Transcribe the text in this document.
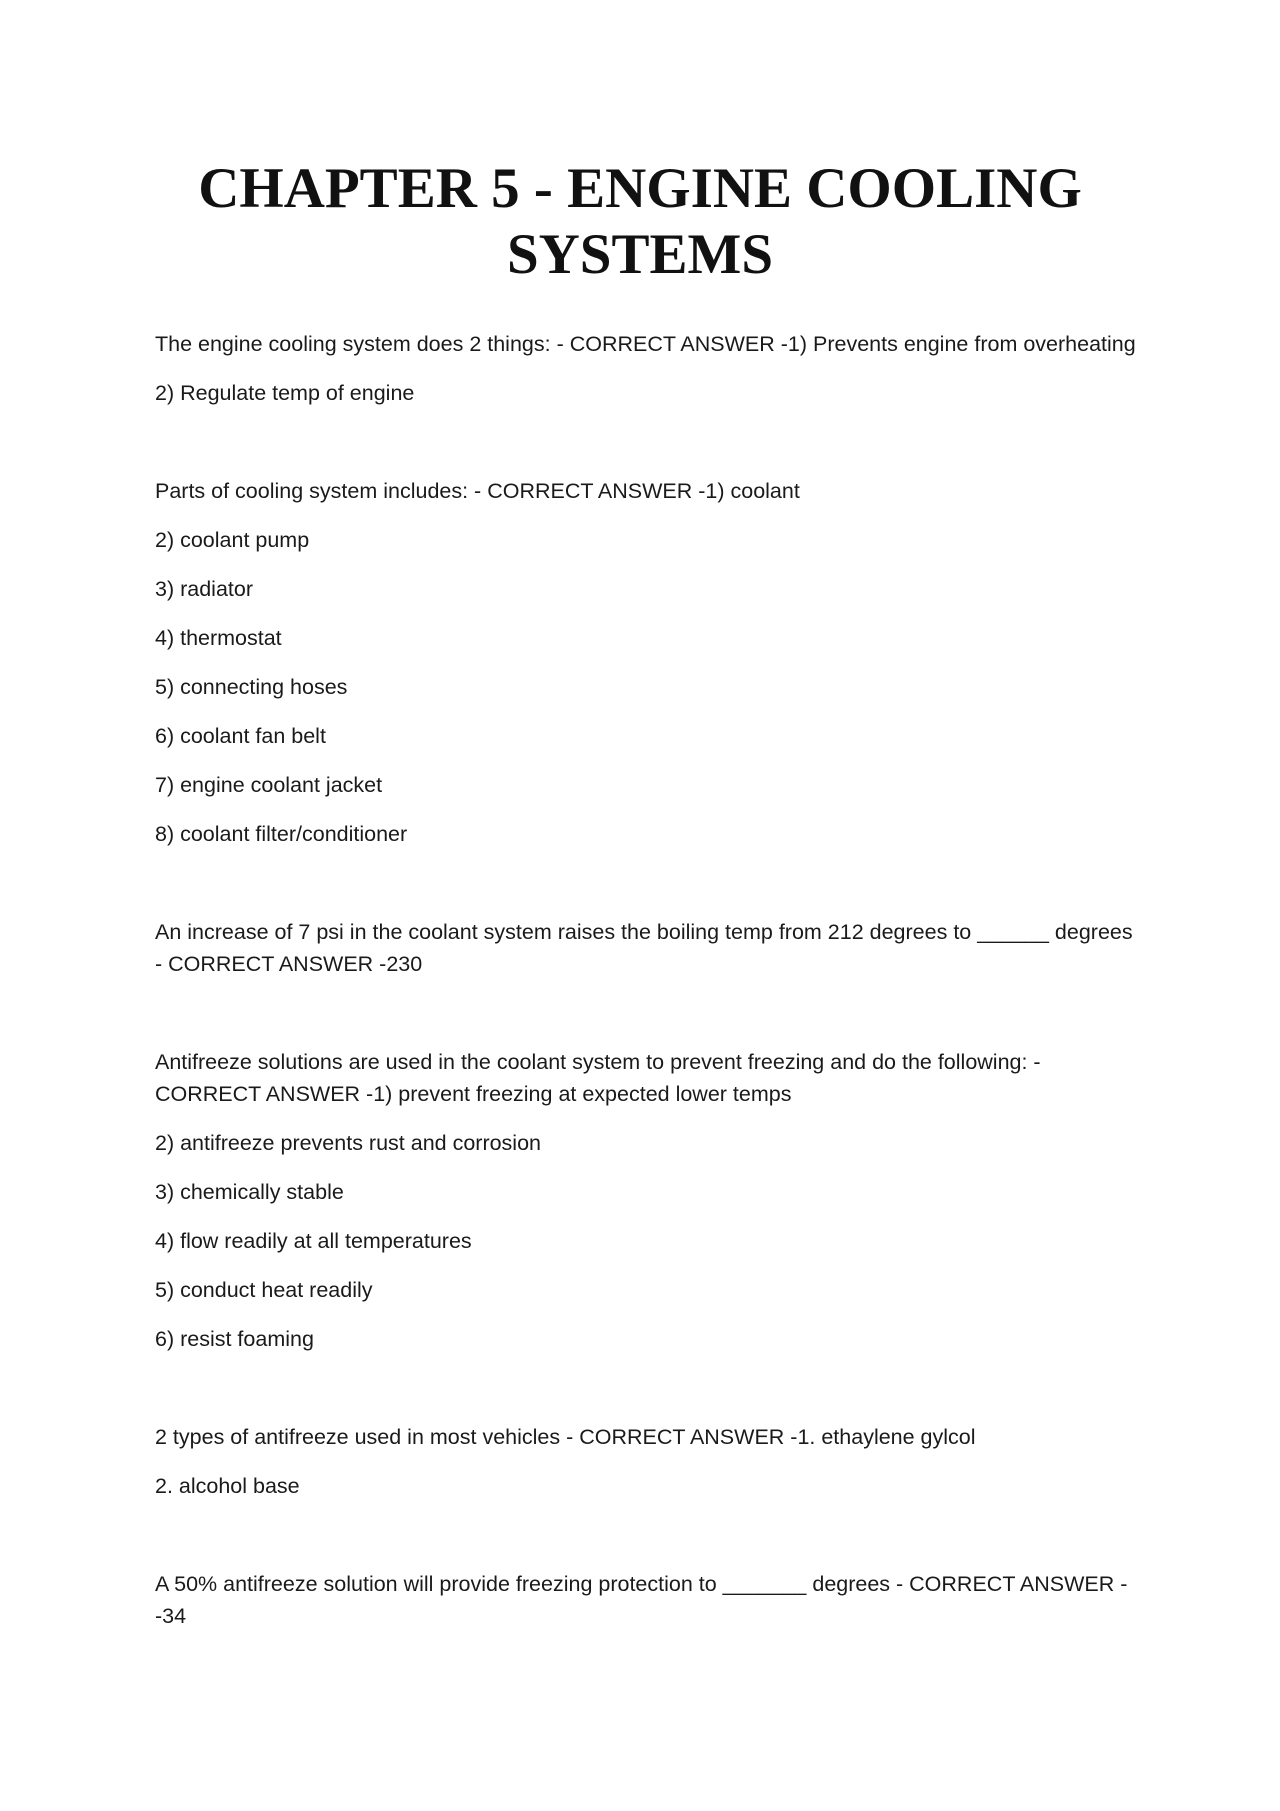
CHAPTER 5 - ENGINE COOLING SYSTEMS

The engine cooling system does 2 things: - CORRECT ANSWER -1) Prevents engine from overheating

2) Regulate temp of engine

Parts of cooling system includes: - CORRECT ANSWER -1) coolant

2) coolant pump

3) radiator

4) thermostat

5) connecting hoses

6) coolant fan belt

7) engine coolant jacket

8) coolant filter/conditioner

An increase of 7 psi in the coolant system raises the boiling temp from 212 degrees to ______ degrees - CORRECT ANSWER -230

Antifreeze solutions are used in the coolant system to prevent freezing and do the following: - CORRECT ANSWER -1) prevent freezing at expected lower temps

2) antifreeze prevents rust and corrosion

3) chemically stable

4) flow readily at all temperatures

5) conduct heat readily

6) resist foaming

2 types of antifreeze used in most vehicles - CORRECT ANSWER -1. ethaylene gylcol

2. alcohol base

A 50% antifreeze solution will provide freezing protection to _______ degrees - CORRECT ANSWER --34
